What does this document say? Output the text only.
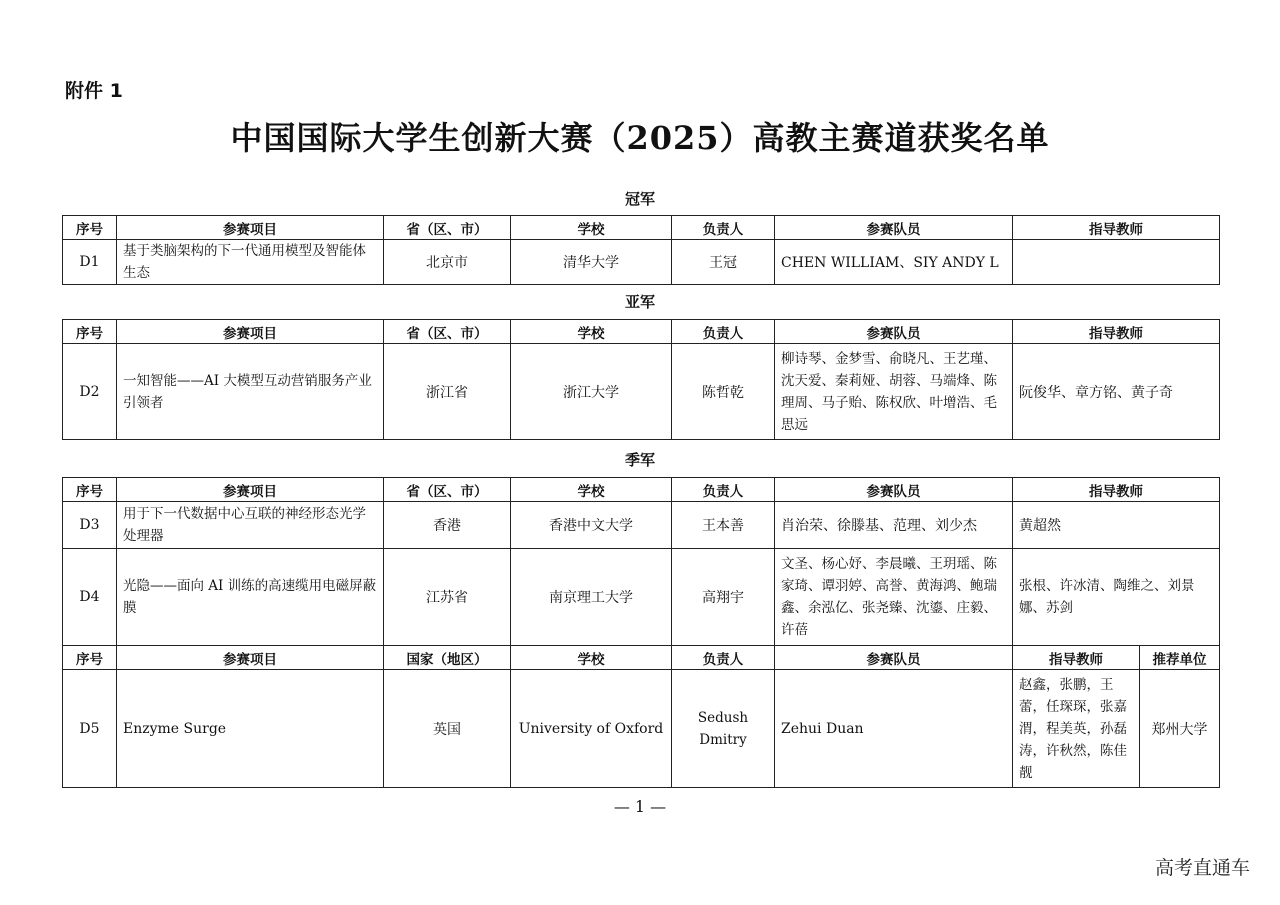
附件 1
中国国际大学生创新大赛（2025）高教主赛道获奖名单
冠军
序号	参赛项目	省（区、市）	学校	负责人	参赛队员	指导教师
D1	基于类脑架构的下一代通用模型及智能体生态	北京市	清华大学	王冠	CHEN WILLIAM、SIY ANDY L	
亚军
序号	参赛项目	省（区、市）	学校	负责人	参赛队员	指导教师
D2	一知智能——AI 大模型互动营销服务产业引领者	浙江省	浙江大学	陈哲乾	柳诗琴、金梦雪、俞晓凡、王艺瑾、沈天爱、秦莉娅、胡蓉、马端烽、陈理周、马子贻、陈权欣、叶增浩、毛思远	阮俊华、章方铭、黄子奇
季军
序号	参赛项目	省（区、市）	学校	负责人	参赛队员	指导教师	
D3	用于下一代数据中心互联的神经形态光学处理器	香港	香港中文大学	王本善	肖治荣、徐滕基、范理、刘少杰	黄超然	
D4	光隐——面向 AI 训练的高速缆用电磁屏蔽膜	江苏省	南京理工大学	高翔宇	文圣、杨心妤、李晨曦、王玥瑶、陈家琦、谭羽婷、高誉、黄海鸿、鲍瑞鑫、余泓亿、张尧臻、沈鎏、庄毅、许蓓	张根、许冰清、陶维之、刘景娜、苏剑	
序号	参赛项目	国家（地区）	学校	负责人	参赛队员	指导教师	推荐单位
D5	Enzyme Surge	英国	University of Oxford	Sedush Dmitry	Zehui Duan	赵鑫，张鹏，王蕾，任琛琛，张嘉渭，程美英，孙磊涛，许秋然，陈佳靓	郑州大学
— 1 —
高考直通车
